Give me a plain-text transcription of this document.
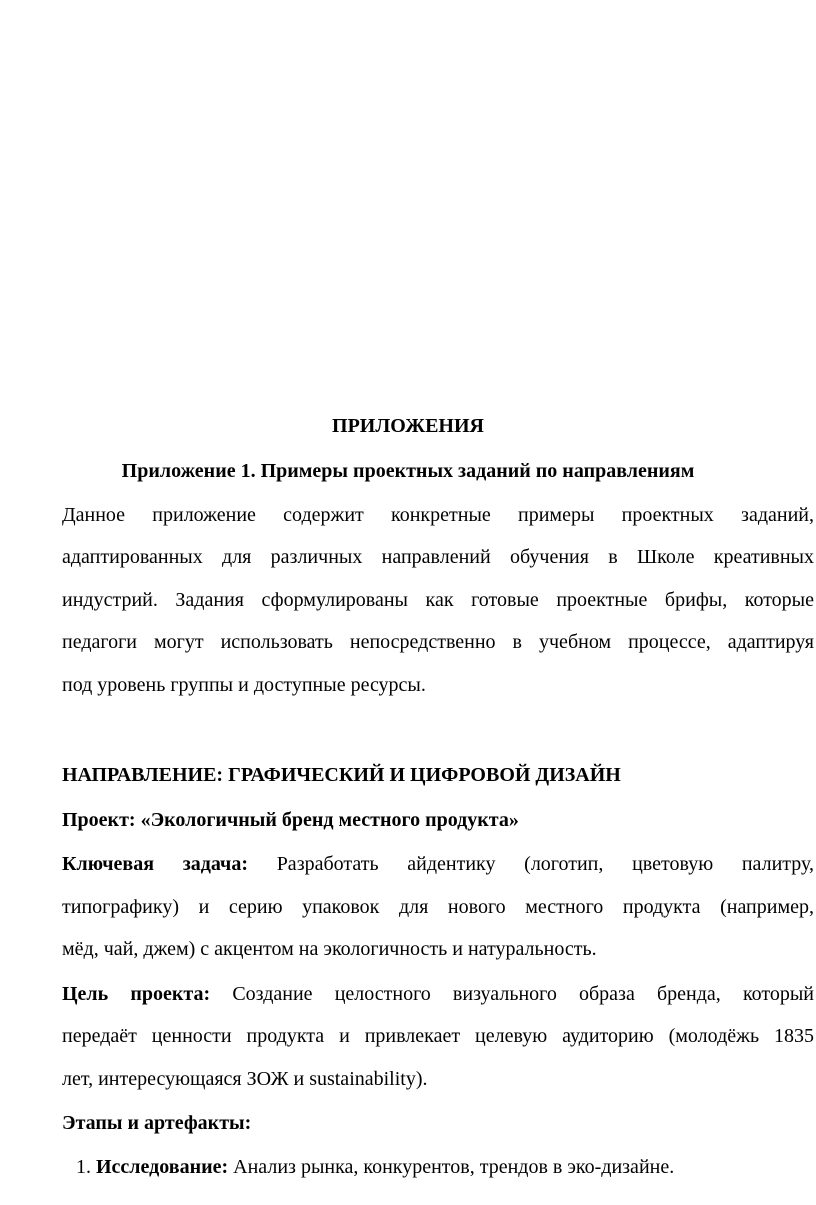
ПРИЛОЖЕНИЯ
Приложение 1. Примеры проектных заданий по направлениям
Данное приложение содержит конкретные примеры проектных заданий,
адаптированных для различных направлений обучения в Школе креативных
индустрий. Задания сформулированы как готовые проектные брифы, которые
педагоги могут использовать непосредственно в учебном процессе, адаптируя
под уровень группы и доступные ресурсы.
НАПРАВЛЕНИЕ: ГРАФИЧЕСКИЙ И ЦИФРОВОЙ ДИЗАЙН
Проект: «Экологичный бренд местного продукта»
Ключевая задача: Разработать айдентику (логотип, цветовую палитру,
типографику) и серию упаковок для нового местного продукта (например,
мёд, чай, джем) с акцентом на экологичность и натуральность.
Цель проекта: Создание целостного визуального образа бренда, который
передаёт ценности продукта и привлекает целевую аудиторию (молодёжь 1835
лет, интересующаяся ЗОЖ и sustainability).
Этапы и артефакты:
1. Исследование: Анализ рынка, конкурентов, трендов в эко-дизайне.
